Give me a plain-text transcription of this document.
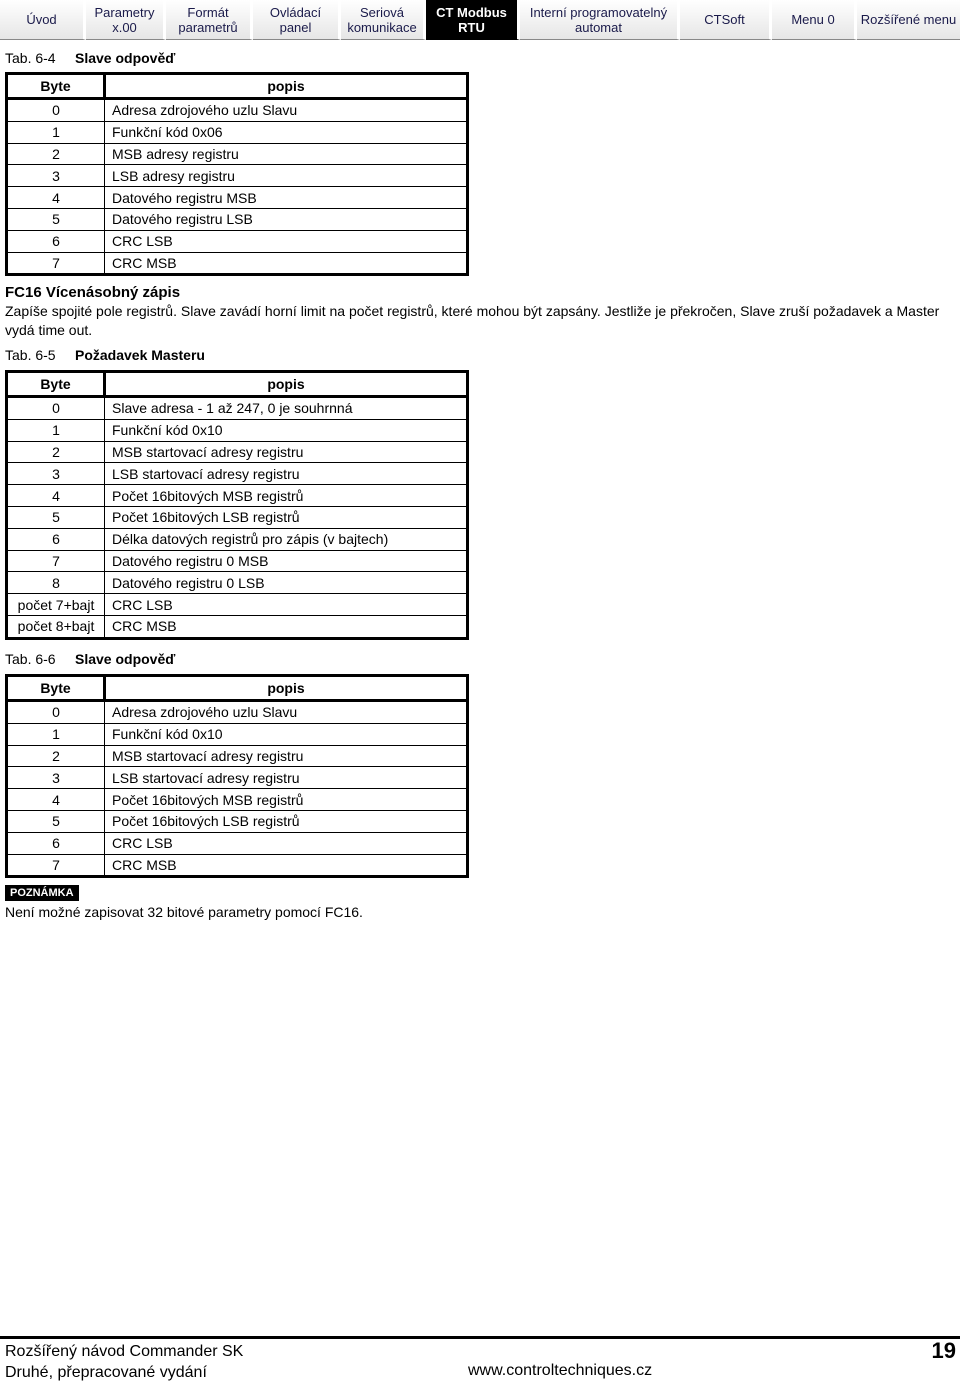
Úvod	Parametry
x.00
Formát
parametrů
Ovládací
panel
Seriová
komunikace
CT Modbus
RTU
Interní programovatelný
automat	CTSoft	Menu 0 Rozšířené menu
Tab. 6-4 Slave odpověď
Byte	popis
0	Adresa zdrojového uzlu Slavu
1	Funkční kód 0x06
2	MSB adresy registru
3	LSB adresy registru
4	Datového registru MSB
5	Datového registru LSB
6	CRC LSB
7	CRC MSB
FC16 Vícenásobný zápis
Zapíše spojité pole registrů. Slave zavádí horní limit na počet registrů, které mohou být zapsány. Jestliže je překročen, Slave zruší požadavek a Master vydá time out.
Tab. 6-5 Požadavek Masteru
Byte	popis
0	Slave adresa - 1 až 247, 0 je souhrnná
1	Funkční kód 0x10
2	MSB startovací adresy registru
3	LSB startovací adresy registru
4	Počet 16bitových MSB registrů
5	Počet 16bitových LSB registrů
6	Délka datových registrů pro zápis (v bajtech)
7	Datového registru 0 MSB
8	Datového registru 0 LSB
počet 7+bajt	CRC LSB
počet 8+bajt	CRC MSB
Tab. 6-6 Slave odpověď
Byte	popis
0	Adresa zdrojového uzlu Slavu
1	Funkční kód 0x10
2	MSB startovací adresy registru
3	LSB startovací adresy registru
4	Počet 16bitových MSB registrů
5	Počet 16bitových LSB registrů
6	CRC LSB
7	CRC MSB
POZNÁMKA
Není možné zapisovat 32 bitové parametry pomocí FC16.
Rozšířený návod Commander SK
Druhé, přepracované vydání	www.controltechniques.cz
19
